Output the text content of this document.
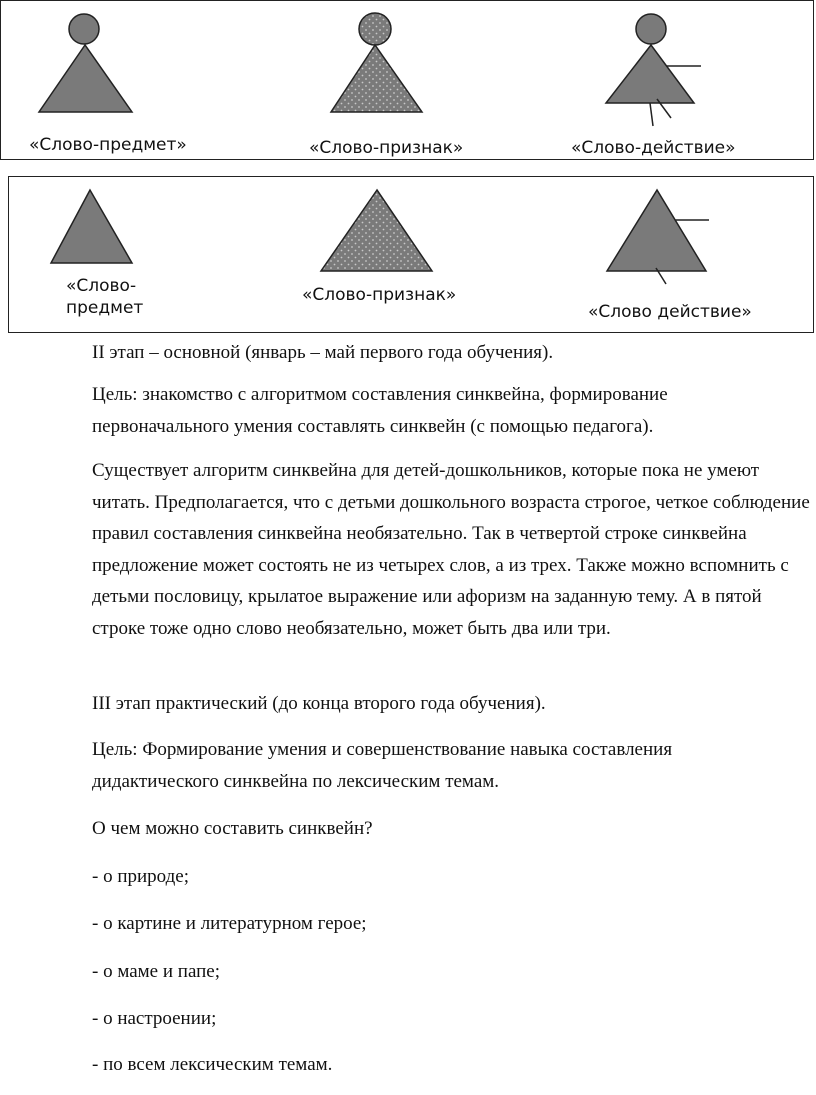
«Слово-предмет»	«Слово-признак»	«Слово-действие»
«Слово-предмет
«Слово-признак»
«Слово действие»

II этап – основной (январь – май первого года обучения).

Цель: знакомство с алгоритмом составления синквейна, формирование первоначального умения составлять синквейн (с помощью педагога).

Существует алгоритм синквейна для детей-дошкольников, которые пока не умеют читать. Предполагается, что с детьми дошкольного возраста строгое, четкое соблюдение правил составления синквейна необязательно. Так в четвертой строке синквейна предложение может состоять не из четырех слов, а из трех. Также можно вспомнить с детьми пословицу, крылатое выражение или афоризм на заданную тему. А в пятой строке тоже одно слово необязательно, может быть два или три.

III этап практический (до конца второго года обучения).

Цель: Формирование умения и совершенствование навыка составления дидактического синквейна по лексическим темам.

О чем можно составить синквейн?

- о природе;

- о картине и литературном герое;

- о маме и папе;

- о настроении;

- по всем лексическим темам.
